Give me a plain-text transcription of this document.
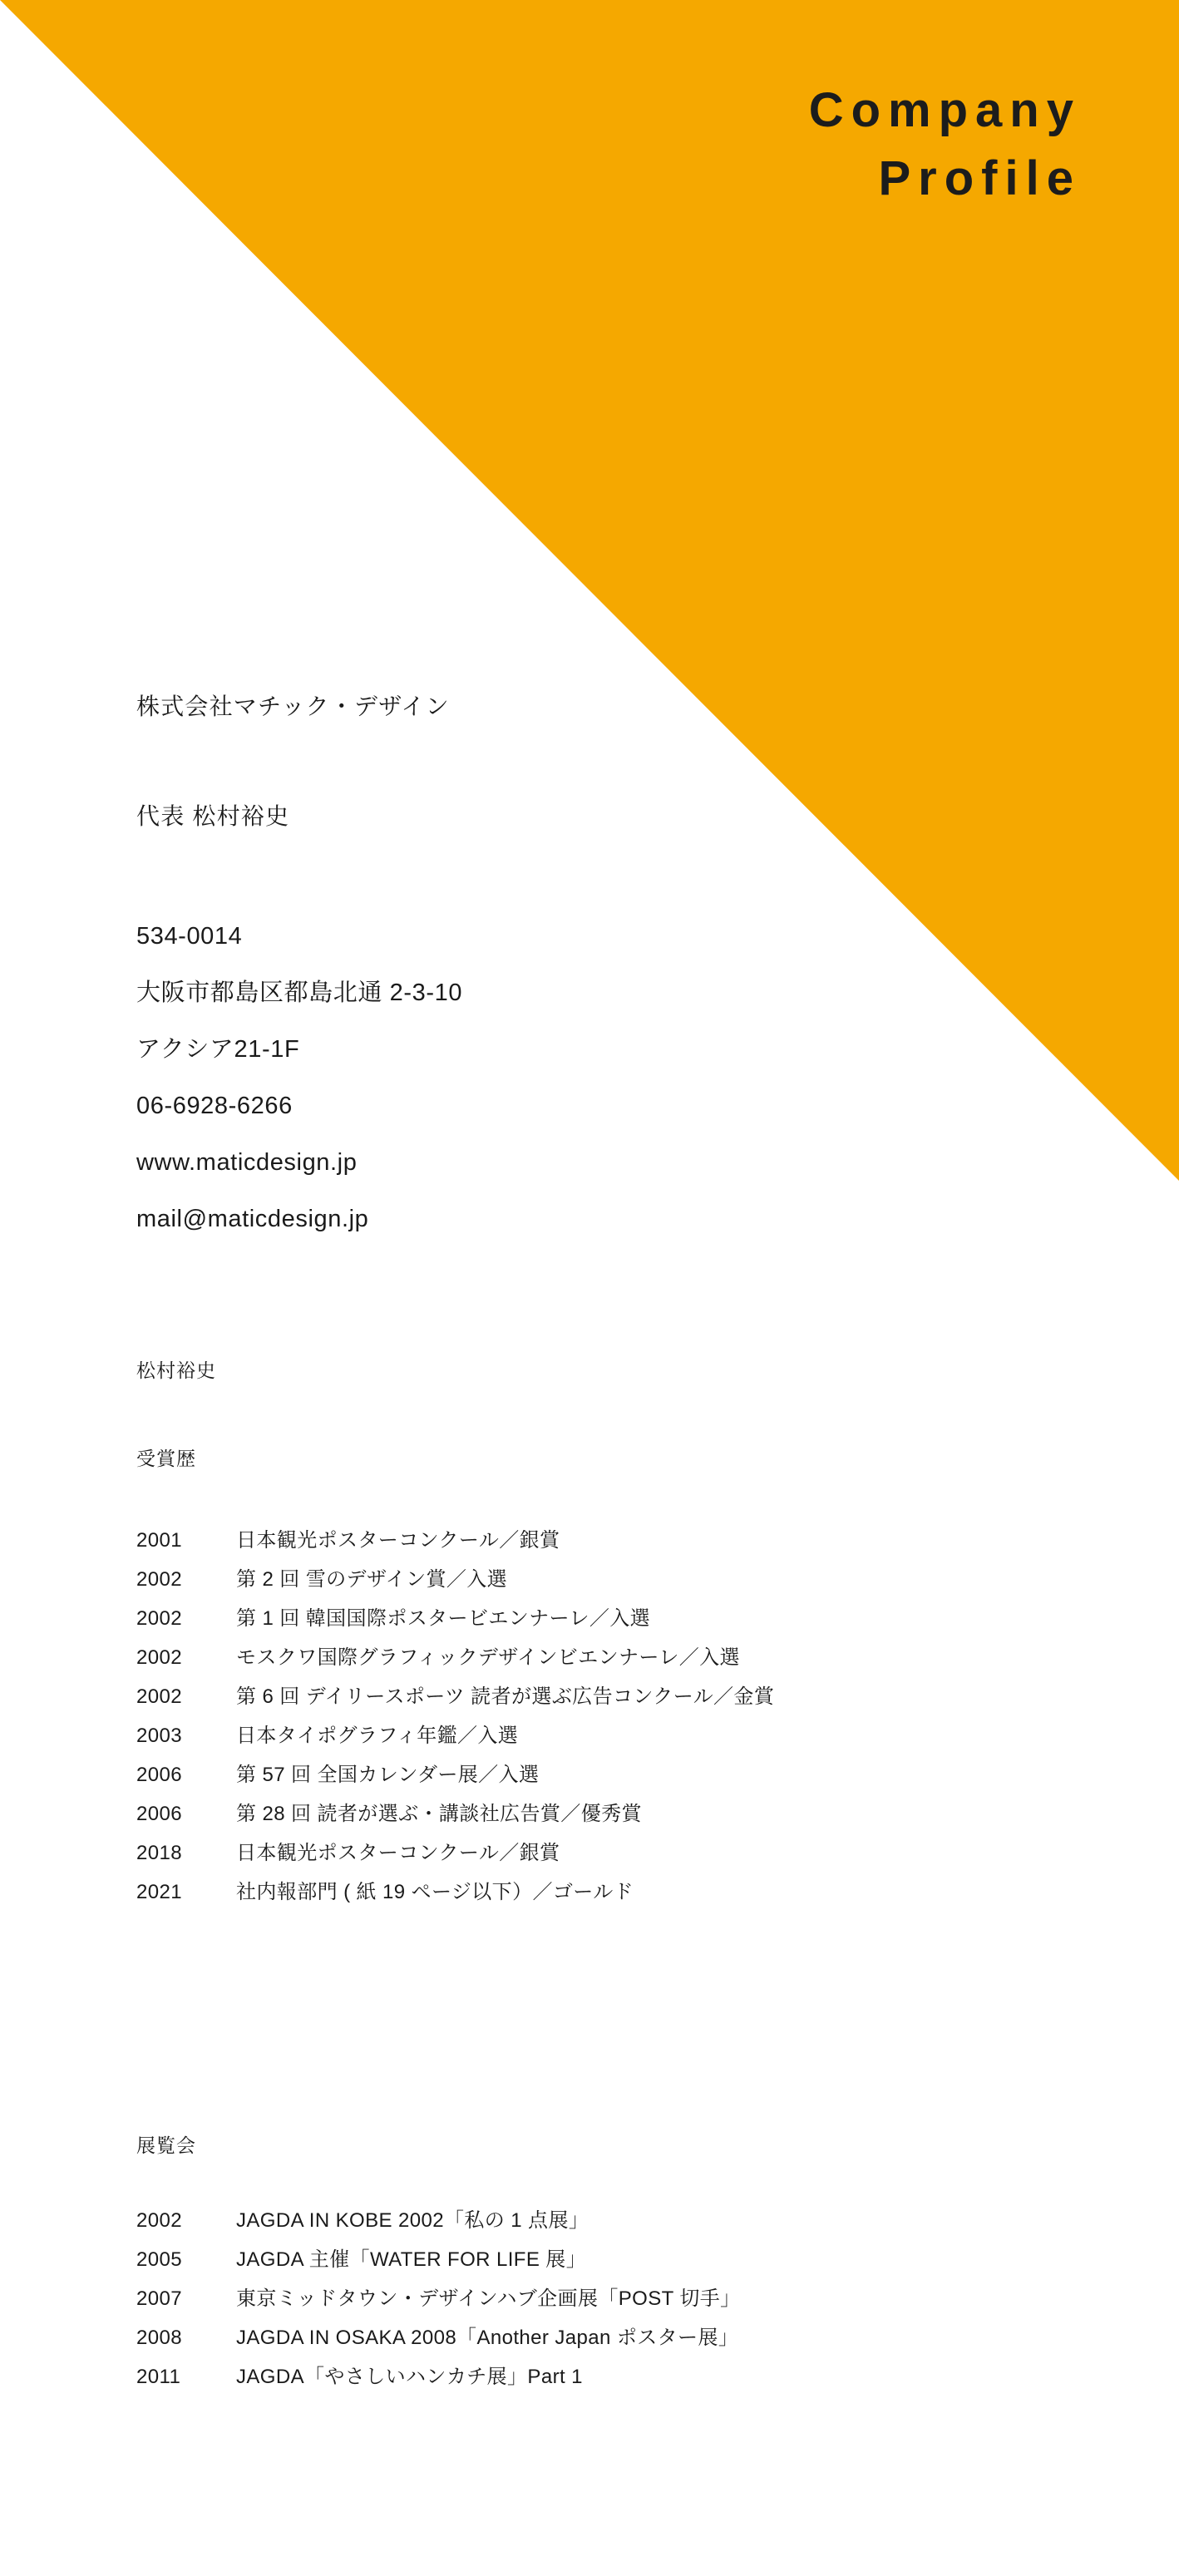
Company
Profile
株式会社マチック・デザイン
代表 松村裕史
534-0014
大阪市都島区都島北通 2-3-10
アクシア21-1F
06-6928-6266
www.maticdesign.jp
mail@maticdesign.jp
松村裕史
受賞歴
2001	日本観光ポスターコンクール／銀賞
2002	第 2 回 雪のデザイン賞／入選
2002	第 1 回 韓国国際ポスタービエンナーレ／入選
2002	モスクワ国際グラフィックデザインビエンナーレ／入選
2002	第 6 回 デイリースポーツ 読者が選ぶ広告コンクール／金賞
2003	日本タイポグラフィ年鑑／入選
2006	第 57 回 全国カレンダー展／入選
2006	第 28 回 読者が選ぶ・講談社広告賞／優秀賞
2018	日本観光ポスターコンクール／銀賞
2021	社内報部門 ( 紙 19 ページ以下）／ゴールド
展覧会
2002	JAGDA IN KOBE 2002「私の 1 点展」
2005	JAGDA 主催「WATER FOR LIFE 展」
2007	東京ミッドタウン・デザインハブ企画展「POST 切手」
2008	JAGDA IN OSAKA 2008「Another Japan ポスター展」
2011	JAGDA「やさしいハンカチ展」Part 1
